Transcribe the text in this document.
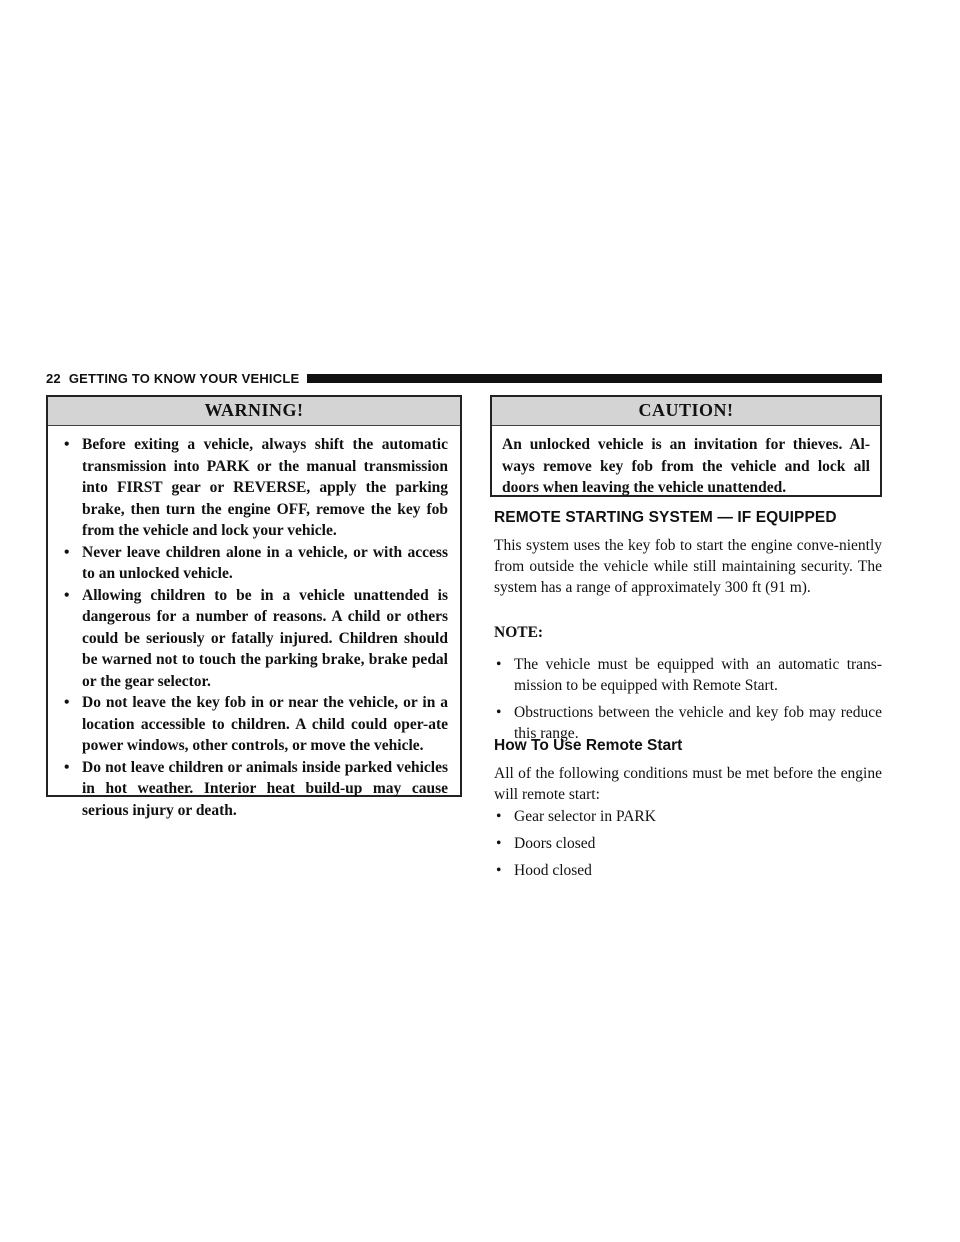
22 GETTING TO KNOW YOUR VEHICLE
WARNING!
• Before exiting a vehicle, always shift the automatic transmission into PARK or the manual transmission into FIRST gear or REVERSE, apply the parking brake, then turn the engine OFF, remove the key fob from the vehicle and lock your vehicle.
• Never leave children alone in a vehicle, or with access to an unlocked vehicle.
• Allowing children to be in a vehicle unattended is dangerous for a number of reasons. A child or others could be seriously or fatally injured. Children should be warned not to touch the parking brake, brake pedal or the gear selector.
• Do not leave the key fob in or near the vehicle, or in a location accessible to children. A child could oper-ate power windows, other controls, or move the vehicle.
• Do not leave children or animals inside parked vehicles in hot weather. Interior heat build-up may cause serious injury or death.
CAUTION!
An unlocked vehicle is an invitation for thieves. Al-ways remove key fob from the vehicle and lock all doors when leaving the vehicle unattended.
REMOTE STARTING SYSTEM — IF EQUIPPED
This system uses the key fob to start the engine conve-niently from outside the vehicle while still maintaining security. The system has a range of approximately 300 ft (91 m).
NOTE:
• The vehicle must be equipped with an automatic trans-mission to be equipped with Remote Start.
• Obstructions between the vehicle and key fob may reduce this range.
How To Use Remote Start
All of the following conditions must be met before the engine will remote start:
• Gear selector in PARK
• Doors closed
• Hood closed
